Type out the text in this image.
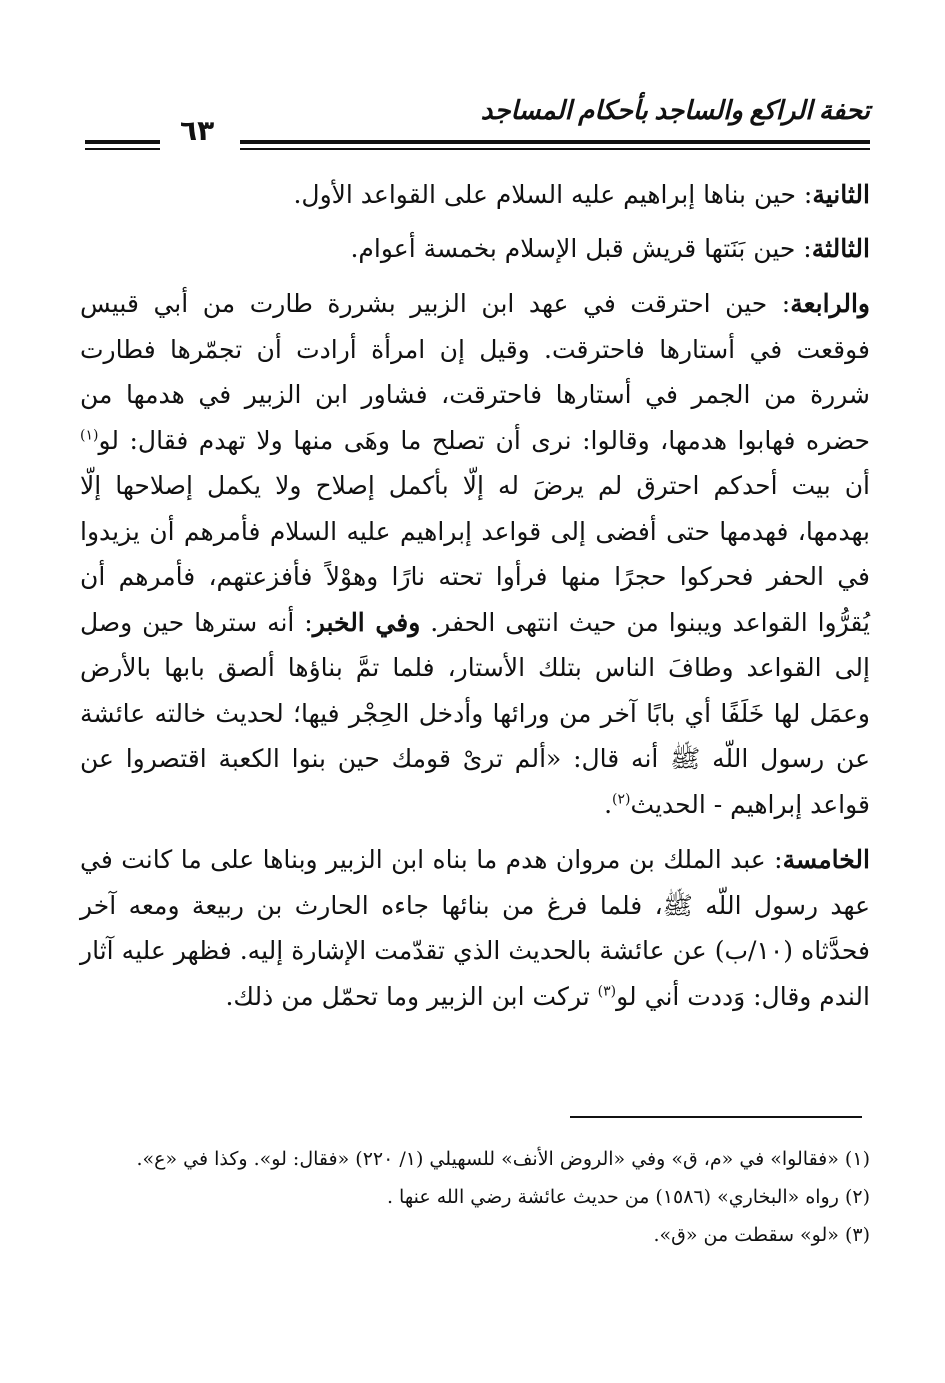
تحفة الراكع والساجد بأحكام المساجد
٦٣

الثانية: حين بناها إبراهيم عليه السلام على القواعد الأول.

الثالثة: حين بَنَتها قريش قبل الإسلام بخمسة أعوام.

والرابعة: حين احترقت في عهد ابن الزبير بشررة طارت من أبي قبيس فوقعت في أستارها فاحترقت. وقيل إن امرأة أرادت أن تجمّرها فطارت شررة من الجمر في أستارها فاحترقت، فشاور ابن الزبير في هدمها من حضره فهابوا هدمها، وقالوا: نرى أن تصلح ما وهَى منها ولا تهدم فقال: لو$^{(١)}$ أن بيت أحدكم احترق لم يرضَ له إلّا بأكمل إصلاح ولا يكمل إصلاحها إلّا بهدمها، فهدمها حتى أفضى إلى قواعد إبراهيم عليه السلام فأمرهم أن يزيدوا في الحفر فحركوا حجرًا منها فرأوا تحته نارًا وهوْلاً فأفزعتهم، فأمرهم أن يُقرُّوا القواعد ويبنوا من حيث انتهى الحفر. وفي الخبر: أنه سترها حين وصل إلى القواعد وطافَ الناس بتلك الأستار، فلما تمَّ بناؤها ألصق بابها بالأرض وعمَل لها خَلَفًا أي بابًا آخر من ورائها وأدخل الحِجْر فيها؛ لحديث خالته عائشة عن رسول اللّه ﷺ أنه قال: «ألم ترىْ قومك حين بنوا الكعبة اقتصروا عن قواعد إبراهيم - الحديث$^{(٢)}$.

الخامسة: عبد الملك بن مروان هدم ما بناه ابن الزبير وبناها على ما كانت في عهد رسول اللّه ﷺ، فلما فرغ من بنائها جاءه الحارث بن ربيعة ومعه آخر فحدَّثاه (١٠/ب) عن عائشة بالحديث الذي تقدّمت الإشارة إليه. فظهر عليه آثار الندم وقال: وَددت أني لو$^{(٣)}$ تركت ابن الزبير وما تحمّل من ذلك.

(١) «فقالوا» في «م، ق» وفي «الروض الأنف» للسهيلي (١/ ٢٢٠) «فقال: لو». وكذا في «ع».
(٢) رواه «البخاري» (١٥٨٦) من حديث عائشة رضي الله عنها .
(٣) «لو» سقطت من «ق».
